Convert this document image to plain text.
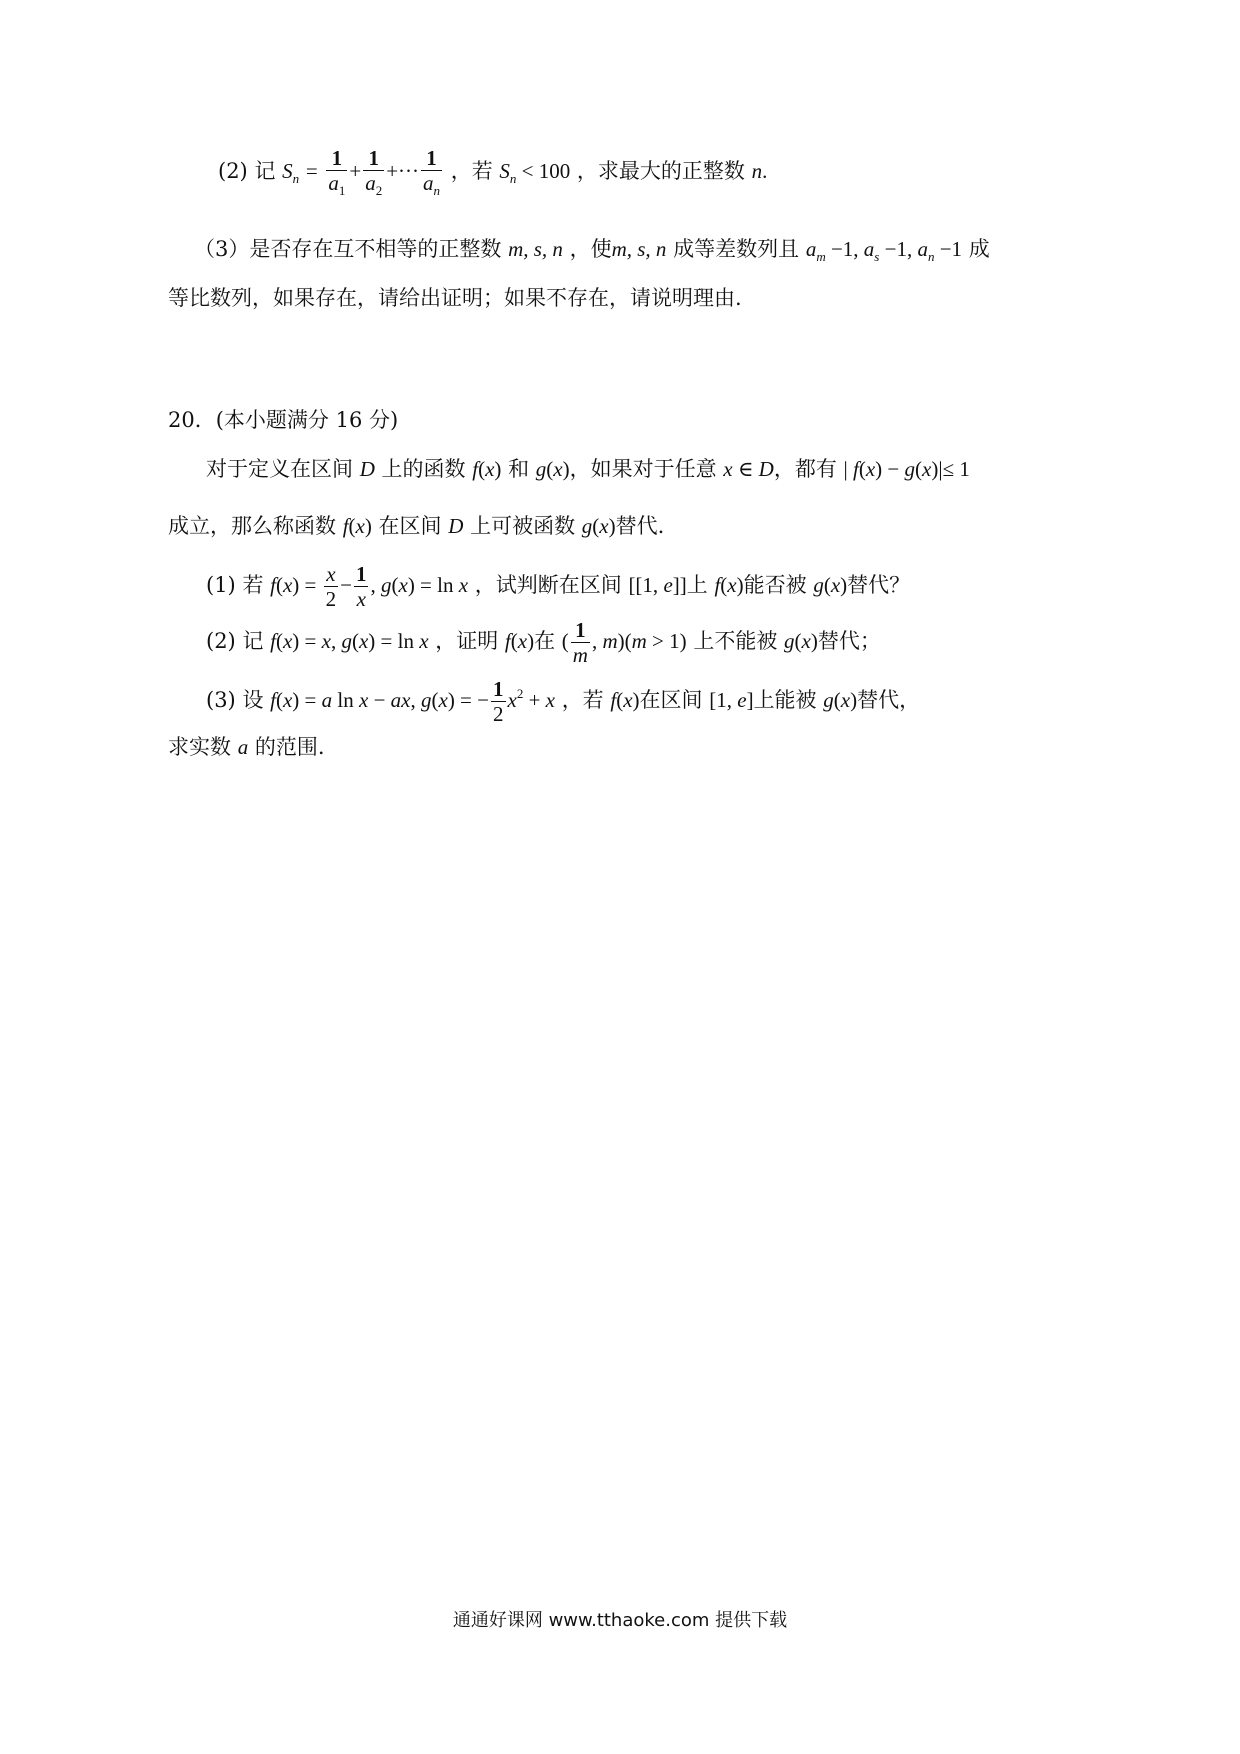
(2) 记 $S_n = \frac{1}{a_1} + \frac{1}{a_2}$ +··· $\frac{1}{a_n}$ ，若 $S_n < 100$ ，求最大的正整数 n.
（3）是否存在互不相等的正整数 m, s, n ，使m, s, n 成等差数列且 $a_m -1$, $a_s -1$, $a_n -1$ 成
等比数列，如果存在，请给出证明；如果不存在，请说明理由.
20．(本小题满分 16 分)
对于定义在区间 D 上的函数 f(x) 和 g(x)，如果对于任意 x ∈ D，都有 | f(x) − g(x)|≤ 1
成立，那么称函数 f(x) 在区间 D 上可被函数 g(x)替代.
(1) 若 $f(x) = \frac{x}{2} - \frac{1}{x}$ , g(x) = ln x ，试判断在区间 [[1, e]]上 f(x)能否被 g(x)替代？
(2) 记 f(x) = x, g(x) = ln x ，证明 f(x)在 ( $\frac{1}{m}$ , m)(m > 1) 上不能被 g(x)替代；
(3) 设 f(x) = a ln x − ax, g(x) = − $\frac{1}{2} x^2 + x$ ，若 f(x)在区间 [1, e]上能被 g(x)替代，
求实数 a 的范围.
通通好课网 www.tthaoke.com 提供下载
